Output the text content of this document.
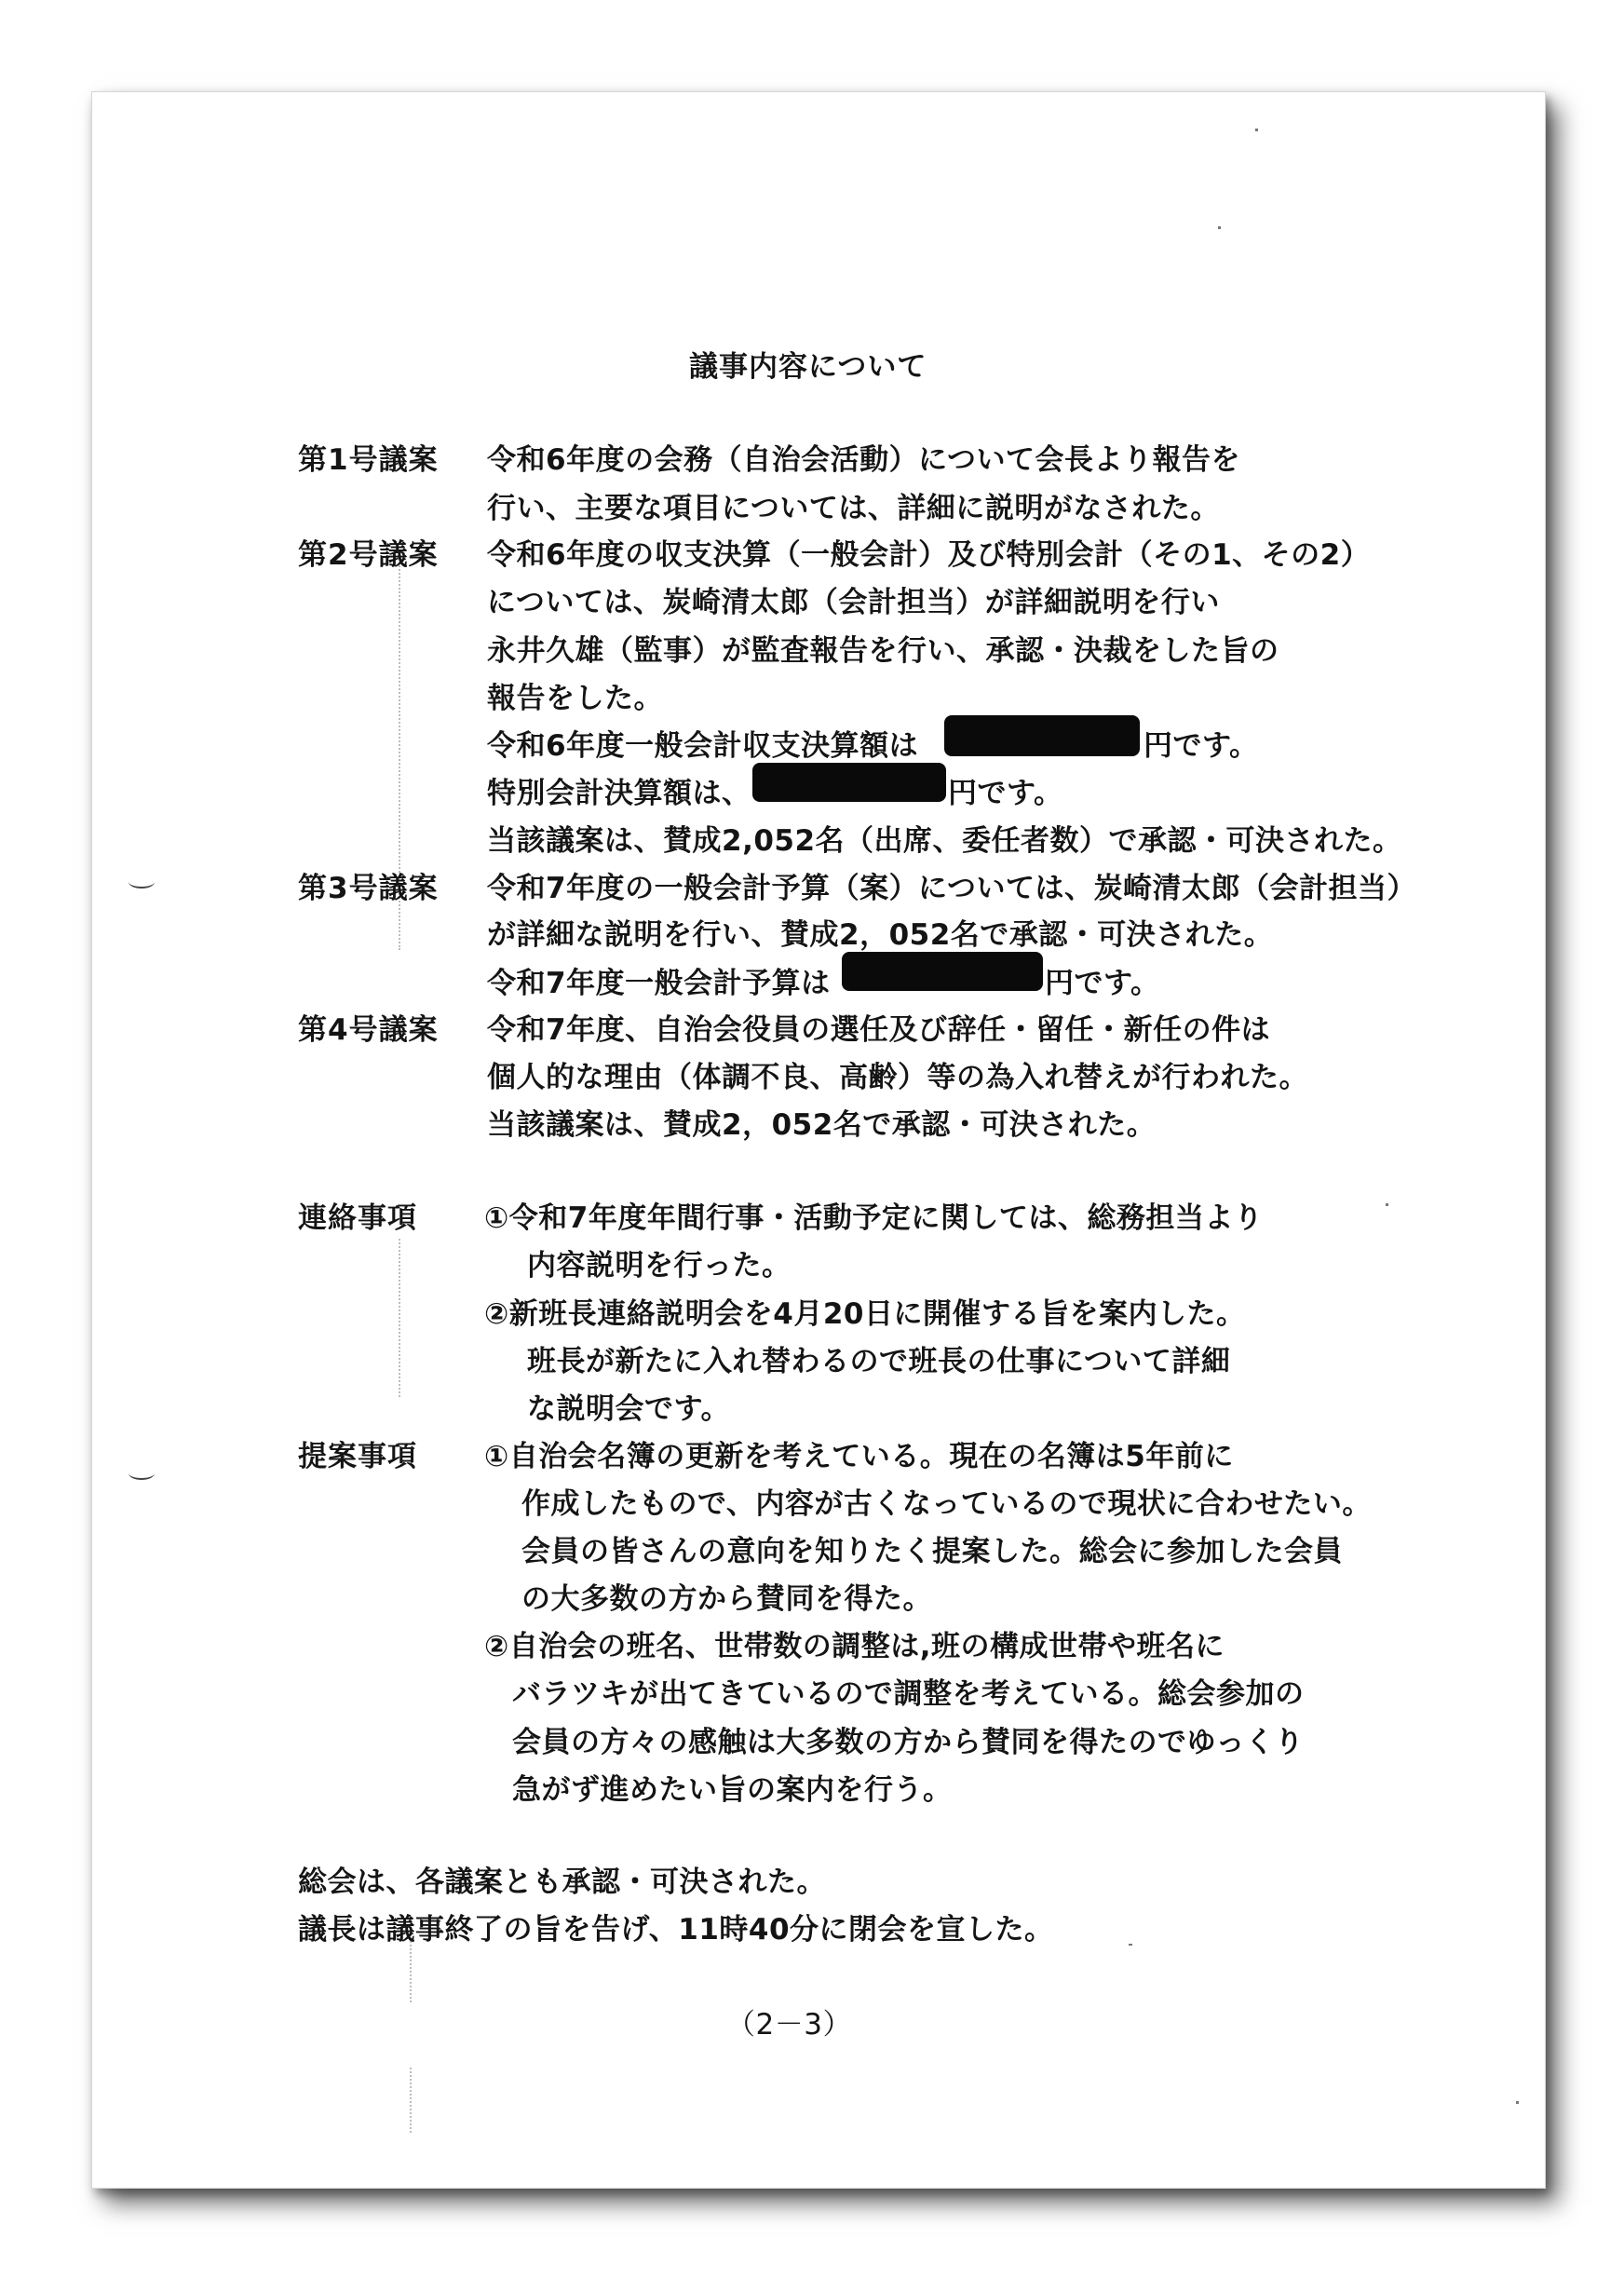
議事内容について
第1号議案 令和6年度の会務（自治会活動）について会長より報告を
行い、主要な項目については、詳細に説明がなされた。
第2号議案 令和6年度の収支決算（一般会計）及び特別会計（その1、その2）
については、炭崎清太郎（会計担当）が詳細説明を行い
永井久雄（監事）が監査報告を行い、承認・決裁をした旨の
報告をした。
令和6年度一般会計収支決算額は	円です。
特別会計決算額は、	円です。
当該議案は、賛成2,052名（出席、委任者数）で承認・可決された。
第3号議案 令和7年度の一般会計予算（案）については、炭崎清太郎（会計担当）
が詳細な説明を行い、賛成2，052名で承認・可決された。
令和7年度一般会計予算は	円です。
第4号議案 令和7年度、自治会役員の選任及び辞任・留任・新任の件は
個人的な理由（体調不良、高齢）等の為入れ替えが行われた。
当該議案は、賛成2，052名で承認・可決された。
連絡事項 ①令和7年度年間行事・活動予定に関しては、総務担当より
内容説明を行った。
②新班長連絡説明会を4月20日に開催する旨を案内した。
班長が新たに入れ替わるので班長の仕事について詳細
な説明会です。
提案事項 ①自治会名簿の更新を考えている。現在の名簿は5年前に
作成したもので、内容が古くなっているので現状に合わせたい。
会員の皆さんの意向を知りたく提案した。総会に参加した会員
の大多数の方から賛同を得た。
②自治会の班名、世帯数の調整は,班の構成世帯や班名に
バラツキが出てきているので調整を考えている。総会参加の
会員の方々の感触は大多数の方から賛同を得たのでゆっくり
急がず進めたい旨の案内を行う。
総会は、各議案とも承認・可決された。
議長は議事終了の旨を告げ、11時40分に閉会を宣した。
（2－3）
